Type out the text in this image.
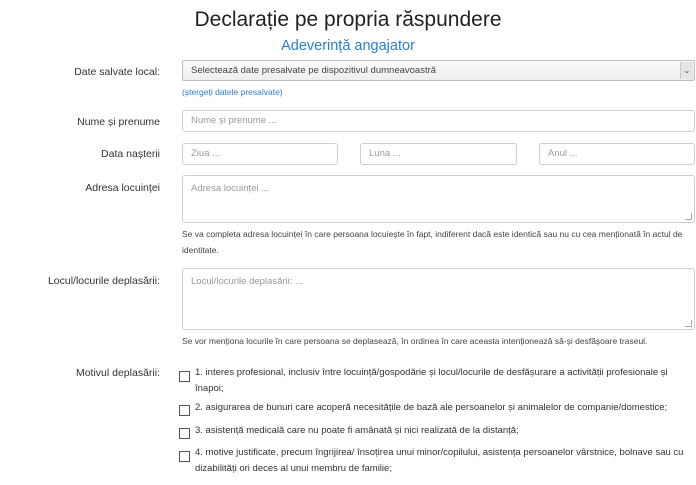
Declarație pe propria răspundere
Adeverință angajator
Date salvate local:	Selectează date presalvate pe dispozitivul dumneavoastră	⌄
(ștergeți datele presalvate)
Nume și prenume	Nume și prenume ...
Data nașterii	Ziua ...	Luna ...	Anul ...
Adresa locuinței	Adresa locuinței ...
Se va completa adresa locuinței în care persoana locuiește în fapt, indiferent dacă este identică sau nu cu cea menționată în actul de identitate.
Locul/locurile deplasării:	Locul/locurile deplasării: ...
Se vor menționa locurile în care persoana se deplasează, în ordinea în care aceasta intenționează să-și desfășoare traseul.
Motivul deplasării:	1. interes profesional, inclusiv între locuință/gospodărie și locul/locurile de desfășurare a activității profesionale și înapoi;
2. asigurarea de bunuri care acoperă necesitățile de bază ale persoanelor și animalelor de companie/domestice;
3. asistență medicală care nu poate fi amânată și nici realizată de la distanță;
4. motive justificate, precum îngrijirea/ însoțirea unui minor/copilului, asistența persoanelor vârstnice, bolnave sau cu dizabilități ori deces al unui membru de familie;
